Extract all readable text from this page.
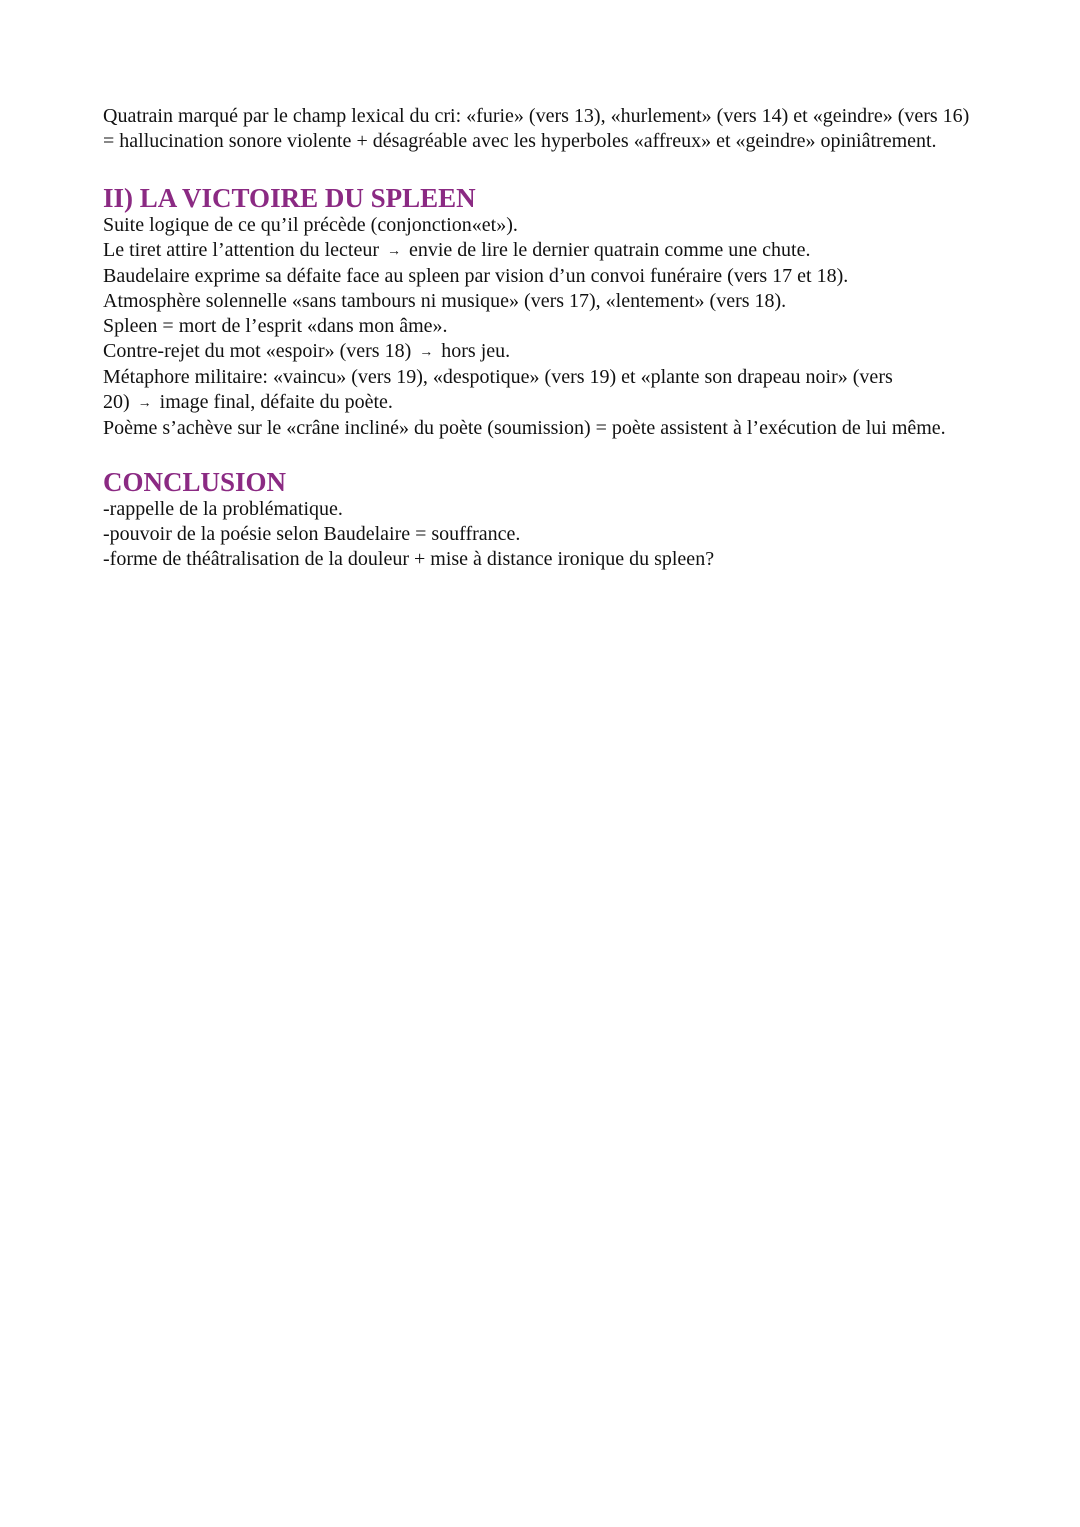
Quatrain marqué par le champ lexical du cri: «furie» (vers 13), «hurlement» (vers 14) et «geindre» (vers 16) = hallucination sonore violente + désagréable avec les hyperboles «affreux» et «geindre» opiniâtrement.

II) LA VICTOIRE DU SPLEEN

Suite logique de ce qu’il précède (conjonction«et»).

Le tiret attire l’attention du lecteur → envie de lire le dernier quatrain comme une chute.

Baudelaire exprime sa défaite face au spleen par vision d’un convoi funéraire (vers 17 et 18).

Atmosphère solennelle «sans tambours ni musique» (vers 17), «lentement» (vers 18).

Spleen = mort de l’esprit «dans mon âme».

Contre-rejet du mot «espoir» (vers 18) → hors jeu.

Métaphore militaire: «vaincu» (vers 19), «despotique» (vers 19) et «plante son drapeau noir» (vers 20) → image final, défaite du poète.

Poème s’achève sur le «crâne incliné» du poète (soumission) = poète assistent à l’exécution de lui même.

CONCLUSION

-rappelle de la problématique.

-pouvoir de la poésie selon Baudelaire = souffrance.

-forme de théâtralisation de la douleur + mise à distance ironique du spleen?
